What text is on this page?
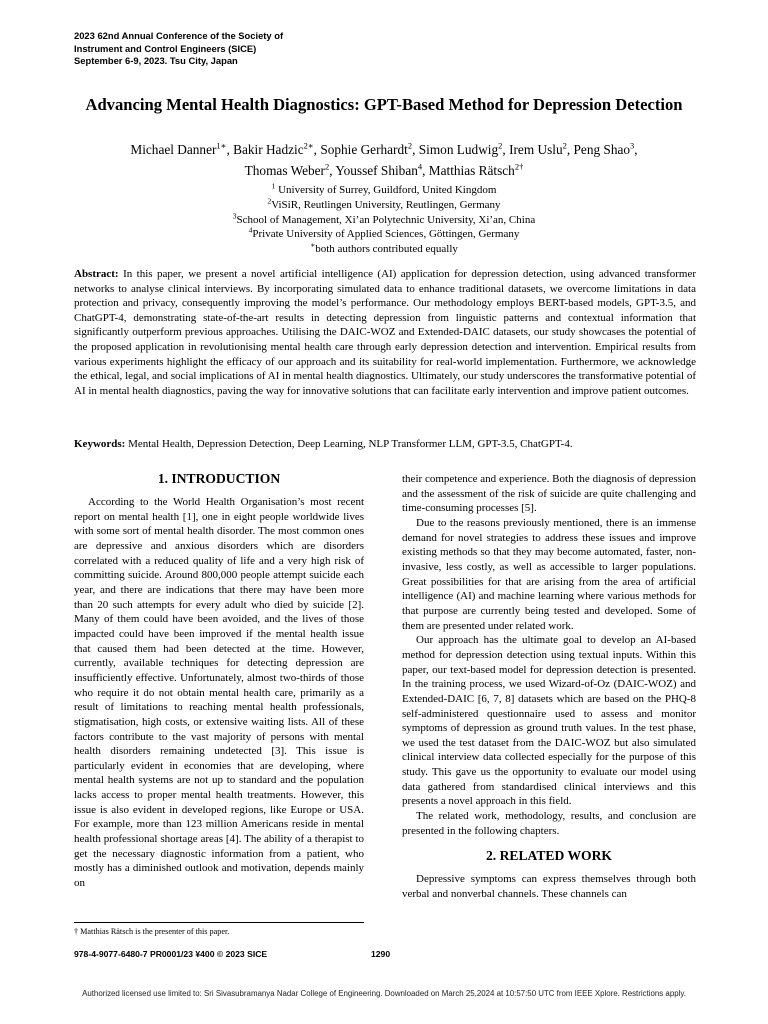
2023 62nd Annual Conference of the Society of
Instrument and Control Engineers (SICE)
September 6-9, 2023. Tsu City, Japan
Advancing Mental Health Diagnostics: GPT-Based Method for Depression Detection
Michael Danner$^{1∗}$, Bakir Hadzic$^{2∗}$, Sophie Gerhardt$^2$, Simon Ludwig$^2$, Irem Uslu$^2$, Peng Shao$^3$,
Thomas Weber$^2$, Youssef Shiban$^4$, Matthias Rätsch$^{2\dagger}$
$^1$ University of Surrey, Guildford, United Kingdom
$^2$ViSiR, Reutlingen University, Reutlingen, Germany
$^3$School of Management, Xi’an Polytechnic University, Xi’an, China
$^4$Private University of Applied Sciences, Göttingen, Germany
∗both authors contributed equally
Abstract: In this paper, we present a novel artificial intelligence (AI) application for depression detection, using advanced transformer networks to analyse clinical interviews. By incorporating simulated data to enhance traditional datasets, we overcome limitations in data protection and privacy, consequently improving the model’s performance. Our methodology employs BERT-based models, GPT-3.5, and ChatGPT-4, demonstrating state-of-the-art results in detecting depression from linguistic patterns and contextual information that significantly outperform previous approaches. Utilising the DAIC-WOZ and Extended-DAIC datasets, our study showcases the potential of the proposed application in revolutionising mental health care through early depression detection and intervention. Empirical results from various experiments highlight the efficacy of our approach and its suitability for real-world implementation. Furthermore, we acknowledge the ethical, legal, and social implications of AI in mental health diagnostics. Ultimately, our study underscores the transformative potential of AI in mental health diagnostics, paving the way for innovative solutions that can facilitate early intervention and improve patient outcomes.
Keywords: Mental Health, Depression Detection, Deep Learning, NLP Transformer LLM, GPT-3.5, ChatGPT-4.
1. INTRODUCTION

According to the World Health Organisation’s most recent report on mental health [1], one in eight people worldwide lives with some sort of mental health disorder. The most common ones are depressive and anxious disorders which are disorders correlated with a reduced quality of life and a very high risk of committing suicide. Around 800,000 people attempt suicide each year, and there are indications that there may have been more than 20 such attempts for every adult who died by suicide [2]. Many of them could have been avoided, and the lives of those impacted could have been improved if the mental health issue that caused them had been detected at the time. However, currently, available techniques for detecting depression are insufficiently effective. Unfortunately, almost two-thirds of those who require it do not obtain mental health care, primarily as a result of limitations to reaching mental health professionals, stigmatisation, high costs, or extensive waiting lists. All of these factors contribute to the vast majority of persons with mental health disorders remaining undetected [3]. This issue is particularly evident in economies that are developing, where mental health systems are not up to standard and the population lacks access to proper mental health treatments. However, this issue is also evident in developed regions, like Europe or USA. For example, more than 123 million Americans reside in mental health professional shortage areas [4]. The ability of a therapist to get the necessary diagnostic information from a patient, who mostly has a diminished outlook and motivation, depends mainly on

their competence and experience. Both the diagnosis of depression and the assessment of the risk of suicide are quite challenging and time-consuming processes [5].

Due to the reasons previously mentioned, there is an immense demand for novel strategies to address these issues and improve existing methods so that they may become automated, faster, non-invasive, less costly, as well as accessible to larger populations. Great possibilities for that are arising from the area of artificial intelligence (AI) and machine learning where various methods for that purpose are currently being tested and developed. Some of them are presented under related work.

Our approach has the ultimate goal to develop an AI-based method for depression detection using textual inputs. Within this paper, our text-based model for depression detection is presented. In the training process, we used Wizard-of-Oz (DAIC-WOZ) and Extended-DAIC [6, 7, 8] datasets which are based on the PHQ-8 self-administered questionnaire used to assess and monitor symptoms of depression as ground truth values. In the test phase, we used the test dataset from the DAIC-WOZ but also simulated clinical interview data collected especially for the purpose of this study. This gave us the opportunity to evaluate our model using data gathered from standardised clinical interviews and this presents a novel approach in this field.

The related work, methodology, results, and conclusion are presented in the following chapters.

2. RELATED WORK

Depressive symptoms can express themselves through both verbal and nonverbal channels. These channels can

† Matthias Rätsch is the presenter of this paper.
978-4-9077-6480-7 PR0001/23 ¥400 © 2023 SICE	1290
Authorized licensed use limited to: Sri Sivasubramanya Nadar College of Engineering. Downloaded on March 25,2024 at 10:57:50 UTC from IEEE Xplore. Restrictions apply.
